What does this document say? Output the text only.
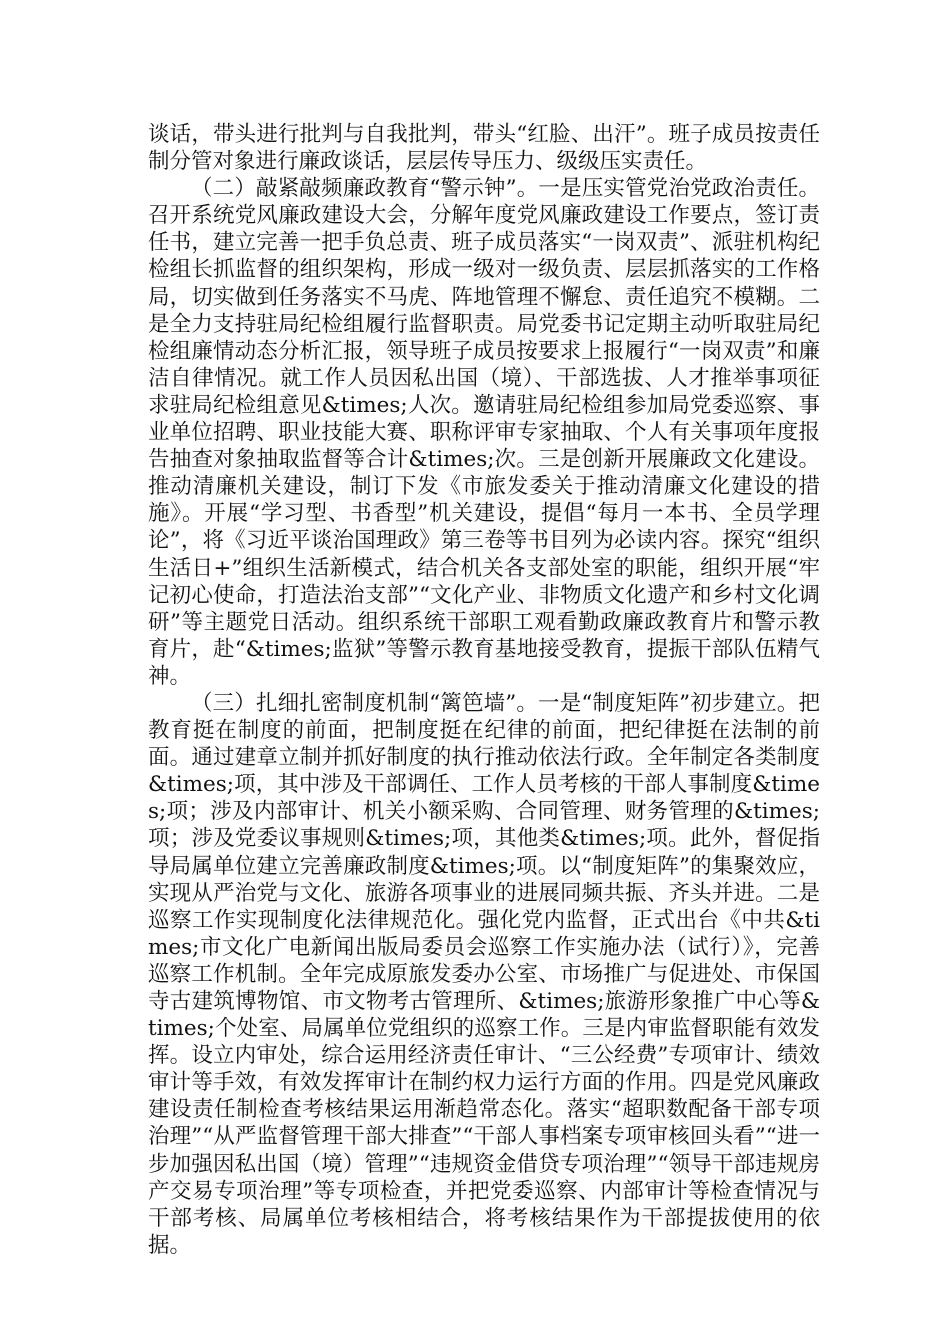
谈话，带头进行批判与自我批判，带头“红脸、出汗”。班子成员按责任制分管对象进行廉政谈话，层层传导压力、级级压实责任。

（二）敲紧敲频廉政教育“警示钟”。一是压实管党治党政治责任。召开系统党风廉政建设大会，分解年度党风廉政建设工作要点，签订责任书，建立完善一把手负总责、班子成员落实“一岗双责”、派驻机构纪检组长抓监督的组织架构，形成一级对一级负责、层层抓落实的工作格局，切实做到任务落实不马虎、阵地管理不懈怠、责任追究不模糊。二是全力支持驻局纪检组履行监督职责。局党委书记定期主动听取驻局纪检组廉情动态分析汇报，领导班子成员按要求上报履行“一岗双责”和廉洁自律情况。就工作人员因私出国（境）、干部选拔、人才推举事项征求驻局纪检组意见&times;人次。邀请驻局纪检组参加局党委巡察、事业单位招聘、职业技能大赛、职称评审专家抽取、个人有关事项年度报告抽查对象抽取监督等合计&times;次。三是创新开展廉政文化建设。推动清廉机关建设，制订下发《市旅发委关于推动清廉文化建设的措施》。开展“学习型、书香型”机关建设，提倡“每月一本书、全员学理论”，将《习近平谈治国理政》第三卷等书目列为必读内容。探究“组织生活日+”组织生活新模式，结合机关各支部处室的职能，组织开展“牢记初心使命，打造法治支部”“文化产业、非物质文化遗产和乡村文化调研”等主题党日活动。组织系统干部职工观看勤政廉政教育片和警示教育片，赴“&times;监狱”等警示教育基地接受教育，提振干部队伍精气神。

（三）扎细扎密制度机制“篱笆墙”。一是“制度矩阵”初步建立。把教育挺在制度的前面，把制度挺在纪律的前面，把纪律挺在法制的前面。通过建章立制并抓好制度的执行推动依法行政。全年制定各类制度&times;项，其中涉及干部调任、工作人员考核的干部人事制度&times;项；涉及内部审计、机关小额采购、合同管理、财务管理的&times;项；涉及党委议事规则&times;项，其他类&times;项。此外，督促指导局属单位建立完善廉政制度&times;项。以“制度矩阵”的集聚效应，实现从严治党与文化、旅游各项事业的进展同频共振、齐头并进。二是巡察工作实现制度化法律规范化。强化党内监督，正式出台《中共&times;市文化广电新闻出版局委员会巡察工作实施办法（试行）》，完善巡察工作机制。全年完成原旅发委办公室、市场推广与促进处、市保国寺古建筑博物馆、市文物考古管理所、&times;旅游形象推广中心等&times;个处室、局属单位党组织的巡察工作。三是内审监督职能有效发挥。设立内审处，综合运用经济责任审计、“三公经费”专项审计、绩效审计等手效，有效发挥审计在制约权力运行方面的作用。四是党风廉政建设责任制检查考核结果运用渐趋常态化。落实“超职数配备干部专项治理”“从严监督管理干部大排查”“干部人事档案专项审核回头看”“进一步加强因私出国（境）管理”“违规资金借贷专项治理”“领导干部违规房产交易专项治理”等专项检查，并把党委巡察、内部审计等检查情况与干部考核、局属单位考核相结合，将考核结果作为干部提拔使用的依据。
